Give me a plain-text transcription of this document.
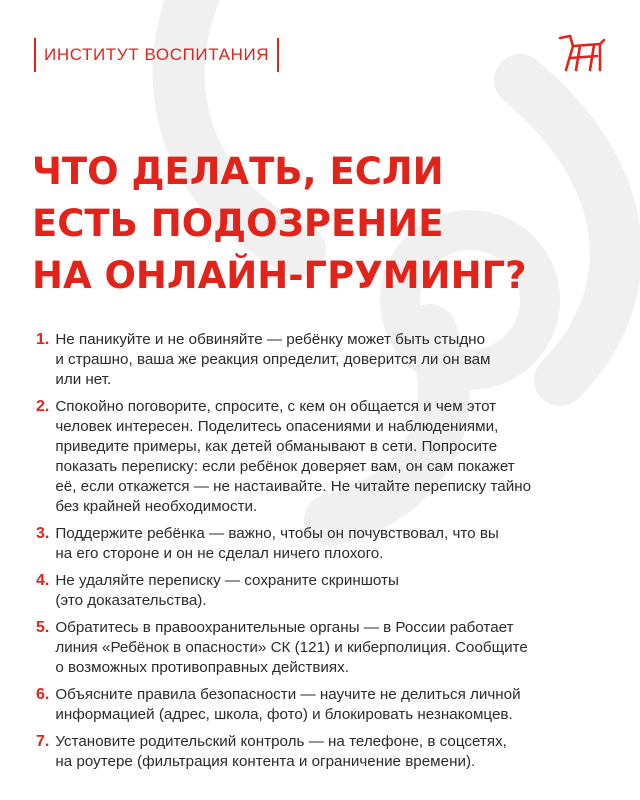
ИНСТИТУТ ВОСПИТАНИЯ
ЧТО ДЕЛАТЬ, ЕСЛИ
ЕСТЬ ПОДОЗРЕНИЕ
НА ОНЛАЙН-ГРУМИНГ?
1. Не паникуйте и не обвиняйте — ребёнку может быть стыдно
и страшно, ваша же реакция определит, доверится ли он вам
или нет.
2. Спокойно поговорите, спросите, с кем он общается и чем этот
человек интересен. Поделитесь опасениями и наблюдениями,
приведите примеры, как детей обманывают в сети. Попросите
показать переписку: если ребёнок доверяет вам, он сам покажет
её, если откажется — не настаивайте. Не читайте переписку тайно
без крайней необходимости.
3. Поддержите ребёнка — важно, чтобы он почувствовал, что вы
на его стороне и он не сделал ничего плохого.
4. Не удаляйте переписку — сохраните скриншоты
(это доказательства).
5. Обратитесь в правоохранительные органы — в России работает
линия «Ребёнок в опасности» СК (121) и киберполиция. Сообщите
о возможных противоправных действиях.
6. Объясните правила безопасности — научите не делиться личной
информацией (адрес, школа, фото) и блокировать незнакомцев.
7. Установите родительский контроль — на телефоне, в соцсетях,
на роутере (фильтрация контента и ограничение времени).
